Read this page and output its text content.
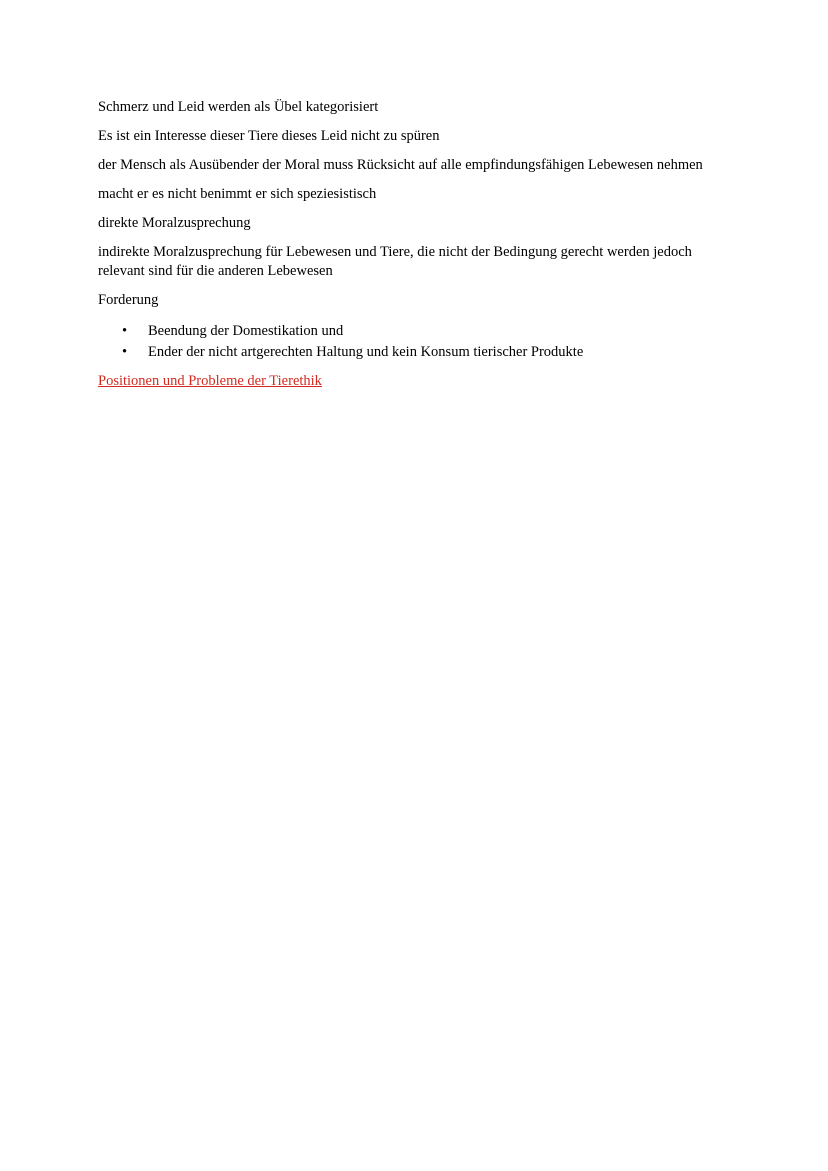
Schmerz und Leid werden als Übel kategorisiert

Es ist ein Interesse dieser Tiere dieses Leid nicht zu spüren

der Mensch als Ausübender der Moral muss Rücksicht auf alle empfindungsfähigen Lebewesen nehmen

macht er es nicht benimmt er sich speziesistisch

direkte Moralzusprechung

indirekte Moralzusprechung für Lebewesen und Tiere, die nicht der Bedingung gerecht werden jedoch relevant sind für die anderen Lebewesen

Forderung

• Beendung der Domestikation und
• Ender der nicht artgerechten Haltung und kein Konsum tierischer Produkte
Positionen und Probleme der Tierethik
